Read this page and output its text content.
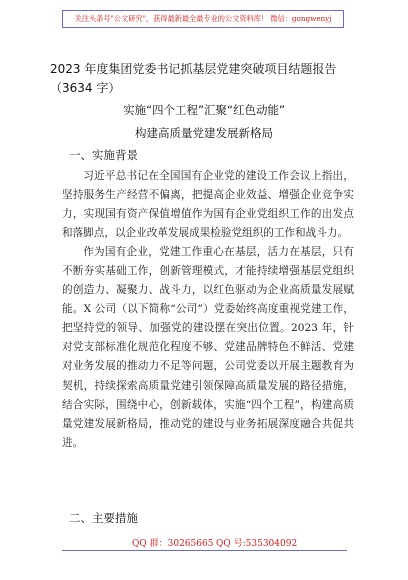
关注头条号"公文研究"，获得最新最全最专业的公文资料库！ 微信：gongwenyj
2023 年度集团党委书记抓基层党建突破项目结题报告
（3634 字）
实施“四个工程”汇聚“红色动能”
构建高质量党建发展新格局
一、实施背景

习近平总书记在全国国有企业党的建设工作会议上指出，坚持服务生产经营不偏离，把提高企业效益、增强企业竞争实力，实现国有资产保值增值作为国有企业党组织工作的出发点和落脚点，以企业改革发展成果检验党组织的工作和战斗力。

作为国有企业，党建工作重心在基层，活力在基层，只有不断夯实基础工作，创新管理模式，才能持续增强基层党组织的创造力、凝聚力、战斗力，以红色驱动为企业高质量发展赋能。X 公司（以下简称“公司”）党委始终高度重视党建工作，把坚持党的领导、加强党的建设摆在突出位置。2023 年，针对党支部标准化规范化程度不够、党建品牌特色不鲜活、党建对业务发展的推动力不足等问题，公司党委以开展主题教育为契机，持续探索高质量党建引领保障高质量发展的路径措施，结合实际，围绕中心，创新载体，实施“四个工程”，构建高质量党建发展新格局，推动党的建设与业务拓展深度融合共促共进。

二、主要措施
QQ 群：30265665 QQ 号:535304092
